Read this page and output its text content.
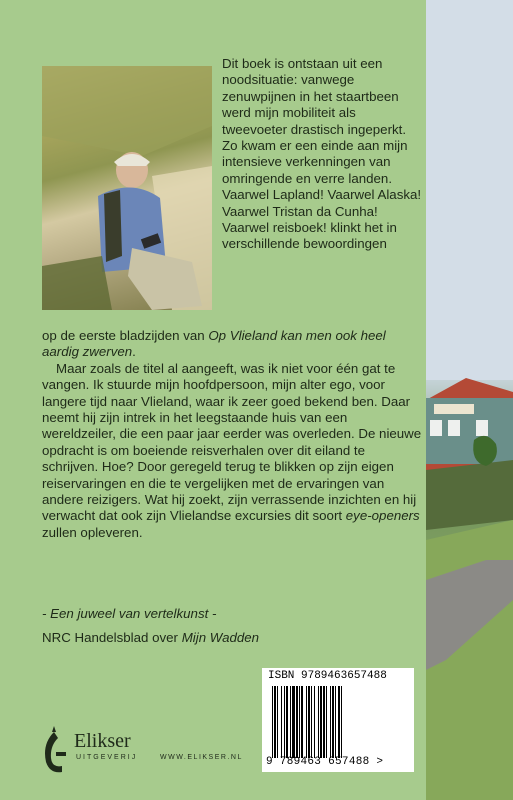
Dit boek is ontstaan uit een noodsituatie: vanwege zenuwpijnen in het staartbeen werd mijn mobiliteit als tweevoeter drastisch ingeperkt. Zo kwam er een einde aan mijn intensieve verkenningen van omringende en verre landen. Vaarwel Lapland! Vaarwel Alaska! Vaarwel Tristan da Cunha! Vaarwel reisboek! klinkt het in verschillende bewoordingen
op de eerste bladzijden van Op Vlieland kan men ook heel aardig zwerven.

Maar zoals de titel al aangeeft, was ik niet voor één gat te vangen. Ik stuurde mijn hoofdpersoon, mijn alter ego, voor langere tijd naar Vlieland, waar ik zeer goed bekend ben. Daar neemt hij zijn intrek in het leegstaande huis van een wereldzeiler, die een paar jaar eerder was overleden. De nieuwe opdracht is om boeiende reisverhalen over dit eiland te schrijven. Hoe? Door geregeld terug te blikken op zijn eigen reiservaringen en die te vergelijken met de ervaringen van andere reizigers. Wat hij zoekt, zijn verrassende inzichten en hij verwacht dat ook zijn Vlielandse excursies dit soort eye-openers zullen opleveren.

- Een juweel van vertelkunst -
NRC Handelsblad over Mijn Wadden
ISBN 9789463657488
9 789463 657488 >
Elikser
UITGEVERIJ	WWW.ELIKSER.NL
